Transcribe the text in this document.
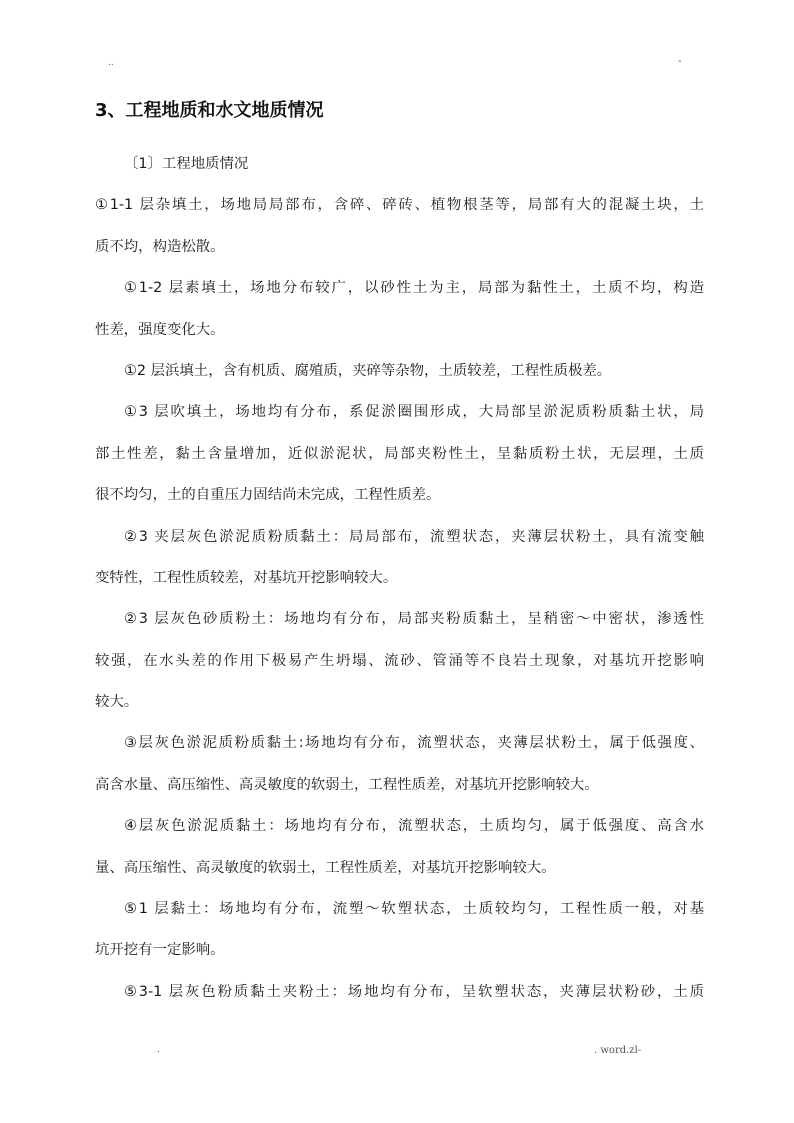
..	-
3、工程地质和水文地质情况
〔1〕工程地质情况
①1-1 层杂填土，场地局局部布，含碎、碎砖、植物根茎等，局部有大的混凝土块，土
质不均，构造松散。
①1-2 层素填土，场地分布较广，以砂性土为主，局部为黏性土，土质不均，构造
性差，强度变化大。
①2 层浜填土，含有机质、腐殖质，夹碎等杂物，土质较差，工程性质极差。
①3 层吹填土，场地均有分布，系促淤圈围形成，大局部呈淤泥质粉质黏土状，局
部土性差，黏土含量增加，近似淤泥状，局部夹粉性土，呈黏质粉土状，无层理，土质
很不均匀，土的自重压力固结尚未完成，工程性质差。
②3 夹层灰色淤泥质粉质黏土：局局部布，流塑状态，夹薄层状粉土，具有流变触
变特性，工程性质较差，对基坑开挖影响较大。
②3 层灰色砂质粉土：场地均有分布，局部夹粉质黏土，呈稍密～中密状，渗透性
较强，在水头差的作用下极易产生坍塌、流砂、管涌等不良岩土现象，对基坑开挖影响
较大。
③层灰色淤泥质粉质黏土:场地均有分布，流塑状态，夹薄层状粉土，属于低强度、
高含水量、高压缩性、高灵敏度的软弱土，工程性质差，对基坑开挖影响较大。
④层灰色淤泥质黏土：场地均有分布，流塑状态，土质均匀，属于低强度、高含水
量、高压缩性、高灵敏度的软弱土，工程性质差，对基坑开挖影响较大。
⑤1 层黏土：场地均有分布，流塑～软塑状态，土质较均匀，工程性质一般，对基
坑开挖有一定影响。
⑤3-1 层灰色粉质黏土夹粉土：场地均有分布，呈软塑状态，夹薄层状粉砂，土质
.	. word.zl-
